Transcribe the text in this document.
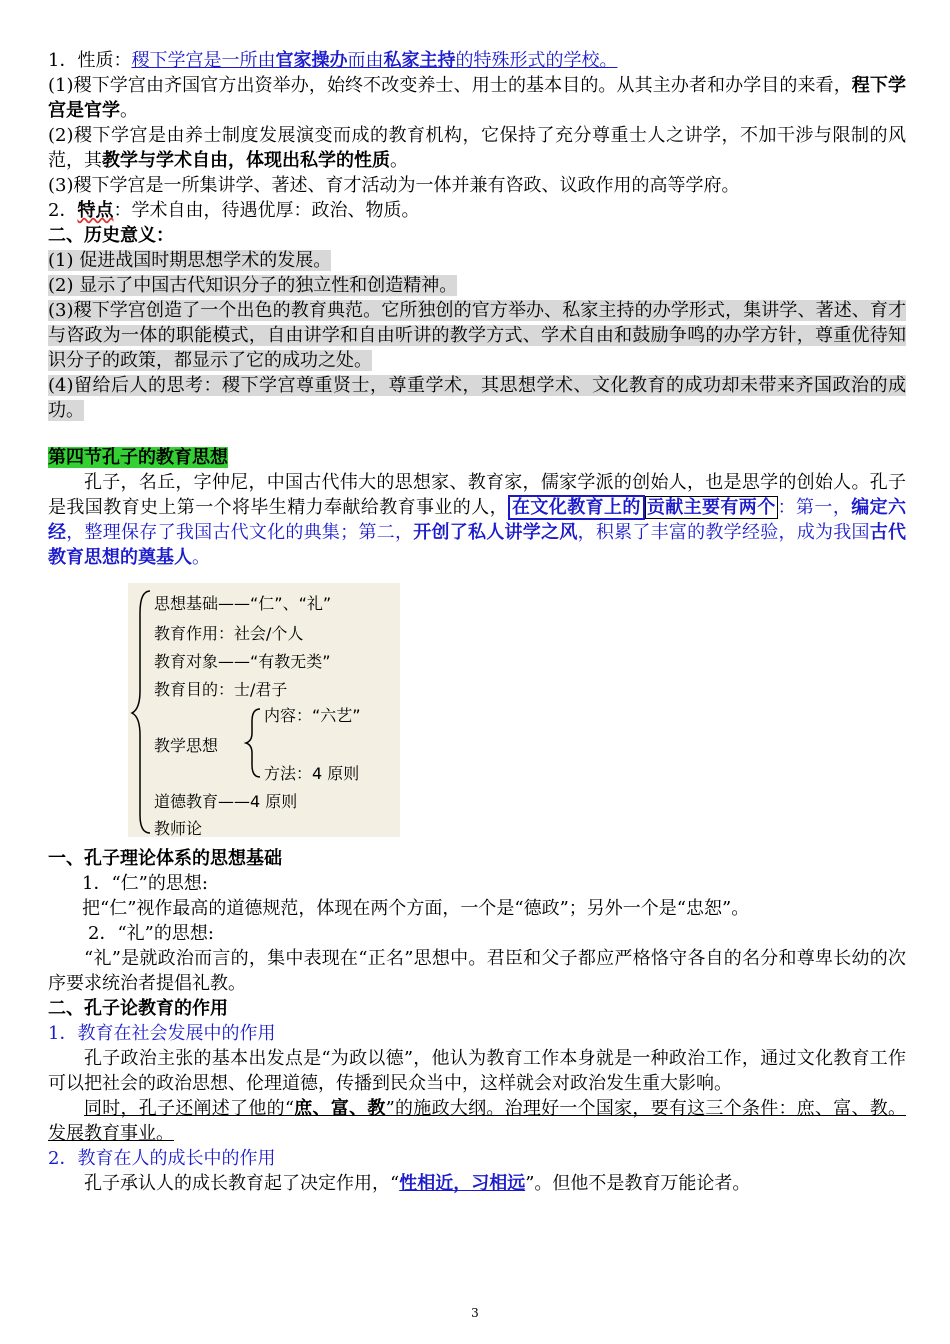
1．性质：稷下学宫是一所由官家操办而由私家主持的特殊形式的学校。

(1)稷下学宫由齐国官方出资举办，始终不改变养士、用士的基本目的。从其主办者和办学目的来看，程下学宫是官学。

(2)稷下学宫是由养士制度发展演变而成的教育机构，它保持了充分尊重士人之讲学，不加干涉与限制的风范，其教学与学术自由，体现出私学的性质。

(3)稷下学宫是一所集讲学、著述、育才活动为一体并兼有咨政、议政作用的高等学府。

2．特点：学术自由，待遇优厚：政治、物质。

二、历史意义：

(1) 促进战国时期思想学术的发展。

(2) 显示了中国古代知识分子的独立性和创造精神。

(3)稷下学宫创造了一个出色的教育典范。它所独创的官方举办、私家主持的办学形式，集讲学、著述、育才与咨政为一体的职能模式，自由讲学和自由听讲的教学方式、学术自由和鼓励争鸣的办学方针，尊重优待知识分子的政策，都显示了它的成功之处。

(4)留给后人的思考：稷下学宫尊重贤士，尊重学术，其思想学术、文化教育的成功却未带来齐国政治的成功。

第四节孔子的教育思想

孔子，名丘，字仲尼，中国古代伟大的思想家、教育家，儒家学派的创始人，也是思学的创始人。孔子是我国教育史上第一个将毕生精力奉献给教育事业的人， 在文化教育上的 贡献主要有两个 ：第一，编定六经，整理保存了我国古代文化的典集；第二，开创了私人讲学之风，积累了丰富的教学经验，成为我国古代教育思想的奠基人。

思想基础——“仁”、“礼”
教育作用：社会/个人
教育对象——“有教无类”
教育目的：士/君子
内容：“六艺”
教学思想
方法：4 原则
道德教育——4 原则
教师论

一、孔子理论体系的思想基础

1．“仁”的思想:

把“仁”视作最高的道德规范，体现在两个方面，一个是“德政”；另外一个是“忠恕”。

2．“礼”的思想:

“礼”是就政治而言的，集中表现在“正名”思想中。君臣和父子都应严格恪守各自的名分和尊卑长幼的次序要求统治者提倡礼教。

二、孔子论教育的作用

1．教育在社会发展中的作用

孔子政治主张的基本出发点是“为政以德”，他认为教育工作本身就是一种政治工作，通过文化教育工作可以把社会的政治思想、伦理道德，传播到民众当中，这样就会对政治发生重大影响。

同时，孔子还阐述了他的“庶、富、教”的施政大纲。治理好一个国家，要有这三个条件：庶、富、教。发展教育事业。

2．教育在人的成长中的作用

孔子承认人的成长教育起了决定作用，“性相近，习相远”。但他不是教育万能论者。

3
